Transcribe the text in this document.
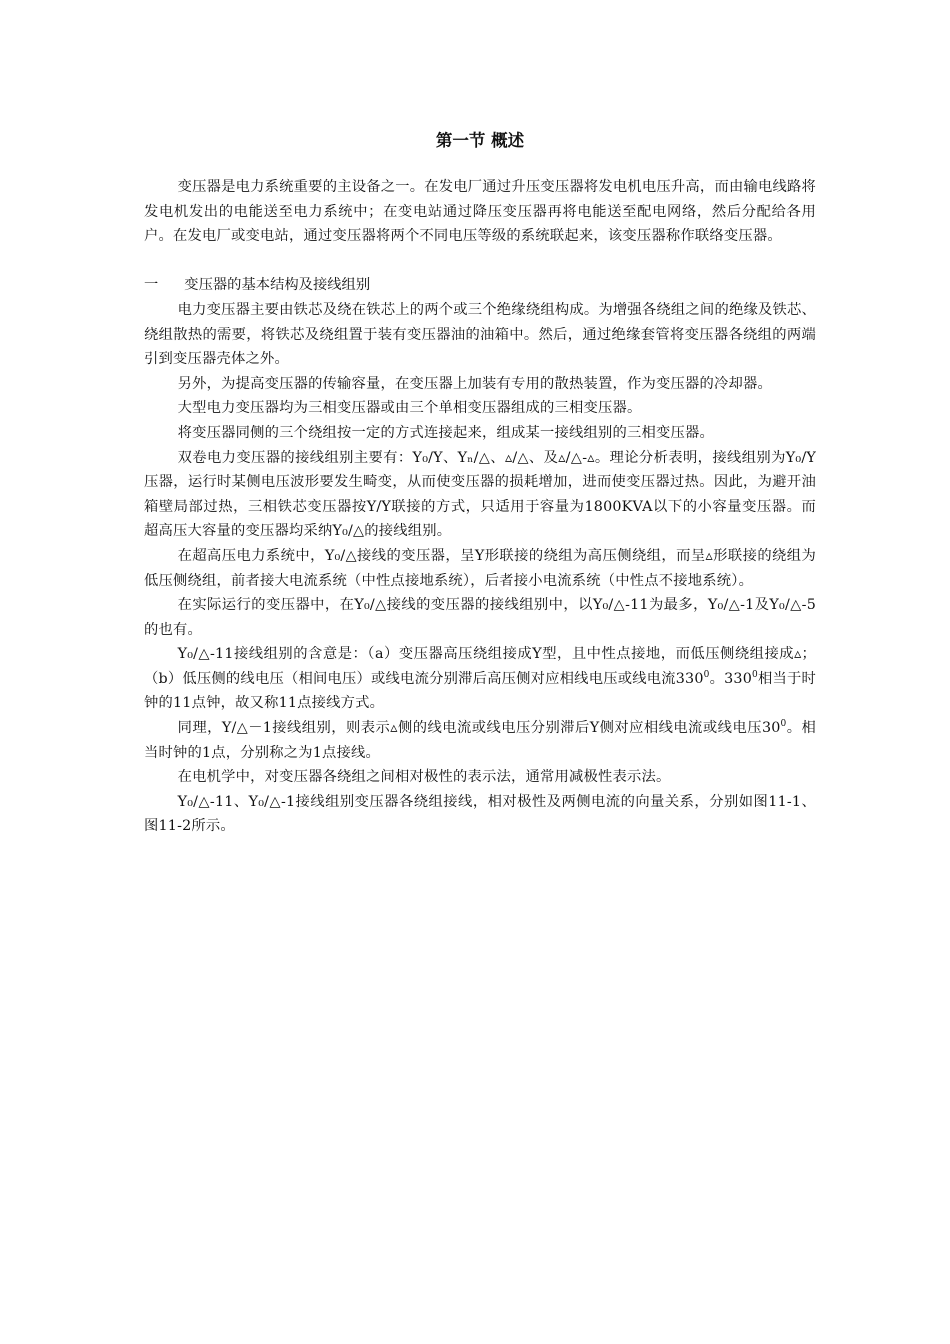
第一节 概述

变压器是电力系统重要的主设备之一。在发电厂通过升压变压器将发电机电压升高，而由输电线路将发电机发出的电能送至电力系统中；在变电站通过降压变压器再将电能送至配电网络，然后分配给各用户。在发电厂或变电站，通过变压器将两个不同电压等级的系统联起来，该变压器称作联络变压器。

一 变压器的基本结构及接线组别

电力变压器主要由铁芯及绕在铁芯上的两个或三个绝缘绕组构成。为增强各绕组之间的绝缘及铁芯、绕组散热的需要，将铁芯及绕组置于装有变压器油的油箱中。然后，通过绝缘套管将变压器各绕组的两端引到变压器壳体之外。

另外，为提高变压器的传输容量，在变压器上加装有专用的散热装置，作为变压器的冷却器。

大型电力变压器均为三相变压器或由三个单相变压器组成的三相变压器。

将变压器同侧的三个绕组按一定的方式连接起来，组成某一接线组别的三相变压器。

双卷电力变压器的接线组别主要有：Y₀/Y、Yₙ/△、▵/△、及▵/△-▵。理论分析表明，接线组别为Y₀/Y压器，运行时某侧电压波形要发生畸变，从而使变压器的损耗增加，进而使变压器过热。因此，为避开油箱壁局部过热，三相铁芯变压器按Y/Y联接的方式，只适用于容量为1800KVA以下的小容量变压器。而超高压大容量的变压器均采纳Y₀/△的接线组别。

在超高压电力系统中，Y₀/△接线的变压器，呈Y形联接的绕组为高压侧绕组，而呈▵形联接的绕组为低压侧绕组，前者接大电流系统（中性点接地系统），后者接小电流系统（中性点不接地系统）。

在实际运行的变压器中，在Y₀/△接线的变压器的接线组别中，以Y₀/△-11为最多，Y₀/△-1及Y₀/△-5的也有。

Y₀/△-11接线组别的含意是：（a）变压器高压绕组接成Y型，且中性点接地，而低压侧绕组接成▵；（b）低压侧的线电压（相间电压）或线电流分别滞后高压侧对应相线电压或线电流$330^0$。$330^0$相当于时钟的11点钟，故又称11点接线方式。

同理，Y/△－1接线组别，则表示▵侧的线电流或线电压分别滞后Y侧对应相线电流或线电压$30^0$。相当时钟的1点，分别称之为1点接线。

在电机学中，对变压器各绕组之间相对极性的表示法，通常用减极性表示法。

Y₀/△-11、Y₀/△-1接线组别变压器各绕组接线，相对极性及两侧电流的向量关系，分别如图11-1、图11-2所示。
